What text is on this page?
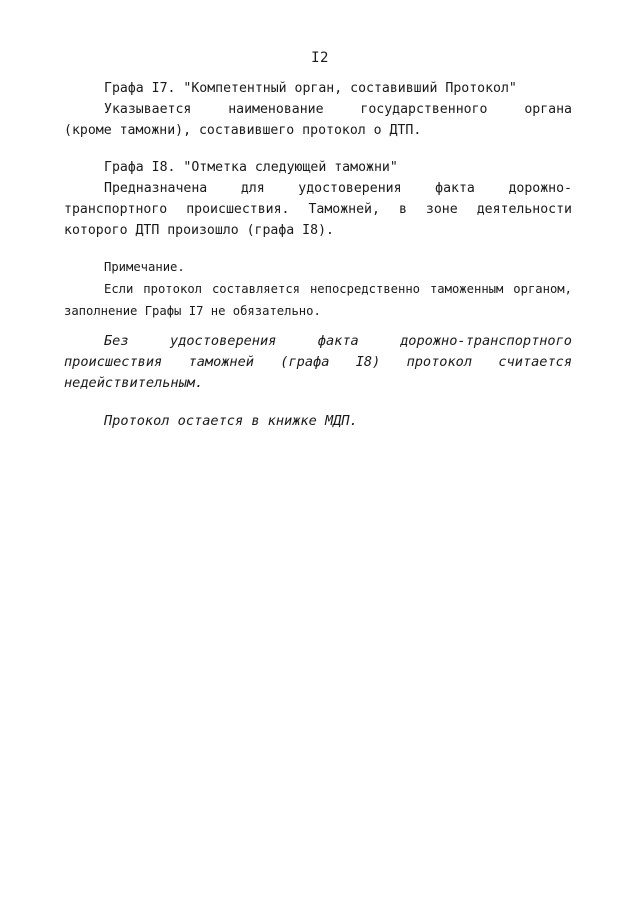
I2
Графа I7. "Компетентный орган, составивший Протокол"
Указывается наименование государственного органа
(кроме таможни), составившего протокол о ДТП.
Графа I8. "Отметка следующей таможни"
Предназначена для удостоверения факта дорожно-
транспортного происшествия. Таможней, в зоне деятельности
которого ДТП произошло (графа I8).
Примечание.
Если протокол составляется непосредственно таможенным органом,
заполнение Графы I7 не обязательно.
Без удостоверения факта дорожно-транспортного
происшествия таможней (графа I8) протокол считается
недействительным.
Протокол остается в книжке МДП.
